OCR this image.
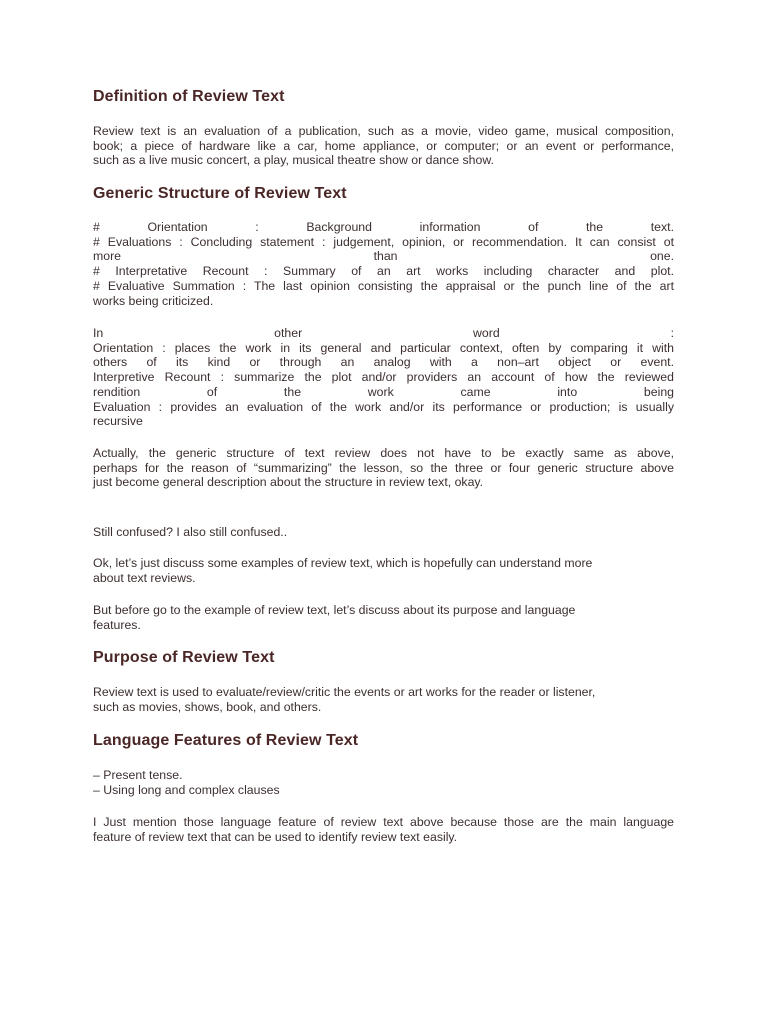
Definition of Review Text
Review text is an evaluation of a publication, such as a movie, video game, musical composition,
book; a piece of hardware like a car, home appliance, or computer; or an event or performance,
such as a live music concert, a play, musical theatre show or dance show.
Generic Structure of Review Text
# Orientation : Background information of the text.
# Evaluations : Concluding statement : judgement, opinion, or recommendation. It can consist ot
more than one.
# Interpretative Recount : Summary of an art works including character and plot.
# Evaluative Summation : The last opinion consisting the appraisal or the punch line of the art
works being criticized.
In other word :
Orientation : places the work in its general and particular context, often by comparing it with
others of its kind or through an analog with a non–art object or event.
Interpretive Recount : summarize the plot and/or providers an account of how the reviewed
rendition of the work came into being
Evaluation : provides an evaluation of the work and/or its performance or production; is usually
recursive
Actually, the generic structure of text review does not have to be exactly same as above,
perhaps for the reason of “summarizing” the lesson, so the three or four generic structure above
just become general description about the structure in review text, okay.
Still confused? I also still confused..
Ok, let’s just discuss some examples of review text, which is hopefully can understand more
about text reviews.
But before go to the example of review text, let’s discuss about its purpose and language
features.
Purpose of Review Text
Review text is used to evaluate/review/critic the events or art works for the reader or listener,
such as movies, shows, book, and others.
Language Features of Review Text
– Present tense.
– Using long and complex clauses
I Just mention those language feature of review text above because those are the main language
feature of review text that can be used to identify review text easily.
